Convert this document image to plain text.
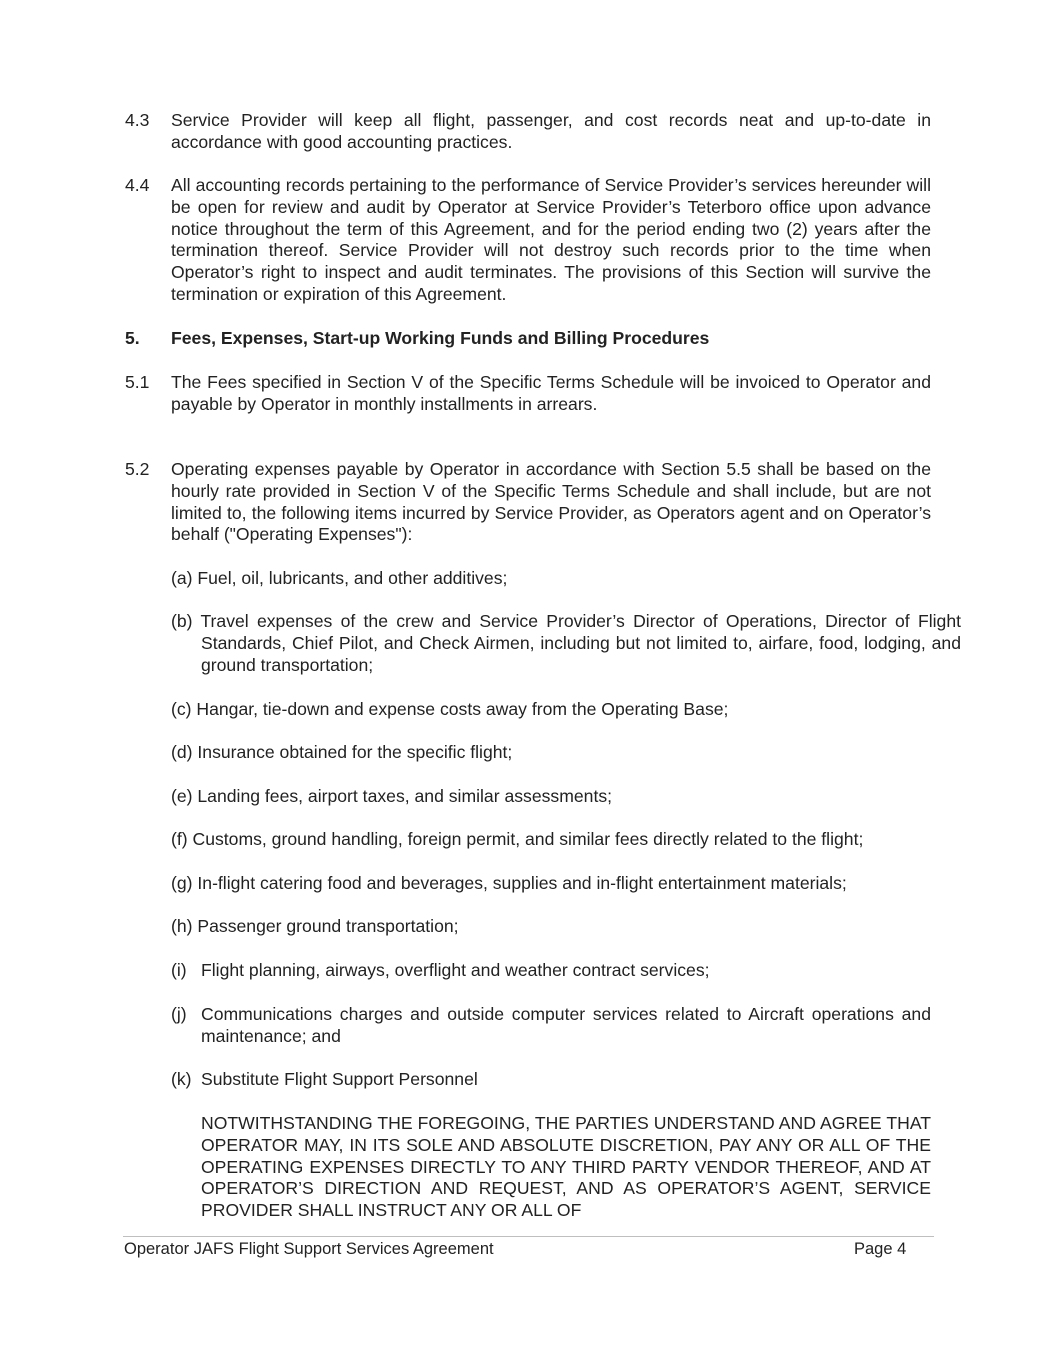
4.3	Service Provider will keep all flight, passenger, and cost records neat and up-to-date in accordance with good accounting practices.
4.4	All accounting records pertaining to the performance of Service Provider’s services hereunder will be open for review and audit by Operator at Service Provider’s Teterboro office upon advance notice throughout the term of this Agreement, and for the period ending two (2) years after the termination thereof. Service Provider will not destroy such records prior to the time when Operator’s right to inspect and audit terminates. The provisions of this Section will survive the termination or expiration of this Agreement.
5.	Fees, Expenses, Start-up Working Funds and Billing Procedures
5.1	The Fees specified in Section V of the Specific Terms Schedule will be invoiced to Operator and payable by Operator in monthly installments in arrears.
5.2	Operating expenses payable by Operator in accordance with Section 5.5 shall be based on the hourly rate provided in Section V of the Specific Terms Schedule and shall include, but are not limited to, the following items incurred by Service Provider, as Operators agent and on Operator’s behalf ("Operating Expenses"):
(a) Fuel, oil, lubricants, and other additives;
(b) Travel expenses of the crew and Service Provider’s Director of Operations, Director of Flight Standards, Chief Pilot, and Check Airmen, including but not limited to, airfare, food, lodging, and ground transportation;
(c) Hangar, tie-down and expense costs away from the Operating Base;
(d) Insurance obtained for the specific flight;
(e) Landing fees, airport taxes, and similar assessments;
(f) Customs, ground handling, foreign permit, and similar fees directly related to the flight;
(g) In-flight catering food and beverages, supplies and in-flight entertainment materials;
(h) Passenger ground transportation;
(i) Flight planning, airways, overflight and weather contract services;
(j) Communications charges and outside computer services related to Aircraft operations and maintenance; and
(k) Substitute Flight Support Personnel
NOTWITHSTANDING THE FOREGOING, THE PARTIES UNDERSTAND AND AGREE THAT OPERATOR MAY, IN ITS SOLE AND ABSOLUTE DISCRETION, PAY ANY OR ALL OF THE OPERATING EXPENSES DIRECTLY TO ANY THIRD PARTY VENDOR THEREOF, AND AT OPERATOR’S DIRECTION AND REQUEST, AND AS OPERATOR’S AGENT, SERVICE PROVIDER SHALL INSTRUCT ANY OR ALL OF
Operator JAFS Flight Support Services Agreement	Page 4
